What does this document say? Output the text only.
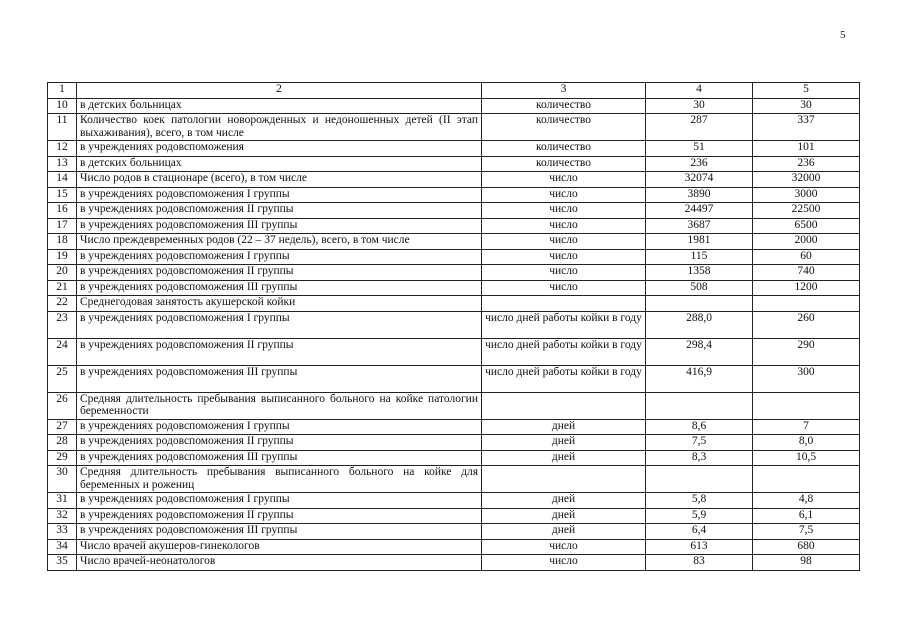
5
1	2	3	4	5
10	в детских больницах	количество	30	30
11	Количество коек патологии новорожденных и недоношенных детей (II этап выхаживания), всего, в том числе	количество	287	337
12	в учреждениях родовспоможения	количество	51	101
13	в детских больницах	количество	236	236
14	Число родов в стационаре (всего), в том числе	число	32074	32000
15	в учреждениях родовспоможения I группы	число	3890	3000
16	в учреждениях родовспоможения II группы	число	24497	22500
17	в учреждениях родовспоможения III группы	число	3687	6500
18	Число преждевременных родов (22 – 37 недель), всего, в том числе	число	1981	2000
19	в учреждениях родовспоможения I группы	число	115	60
20	в учреждениях родовспоможения II группы	число	1358	740
21	в учреждениях родовспоможения III группы	число	508	1200
22	Среднегодовая занятость акушерской койки			
23	в учреждениях родовспоможения I группы	число дней работы койки в году	288,0	260
24	в учреждениях родовспоможения II группы	число дней работы койки в году	298,4	290
25	в учреждениях родовспоможения III группы	число дней работы койки в году	416,9	300
26	Средняя длительность пребывания выписанного больного на койке патологии беременности			
27	в учреждениях родовспоможения I группы	дней	8,6	7
28	в учреждениях родовспоможения II группы	дней	7,5	8,0
29	в учреждениях родовспоможения III группы	дней	8,3	10,5
30	Средняя длительность пребывания выписанного больного на койке для беременных и рожениц			
31	в учреждениях родовспоможения I группы	дней	5,8	4,8
32	в учреждениях родовспоможения II группы	дней	5,9	6,1
33	в учреждениях родовспоможения III группы	дней	6,4	7,5
34	Число врачей акушеров-гинекологов	число	613	680
35	Число врачей-неонатологов	число	83	98
